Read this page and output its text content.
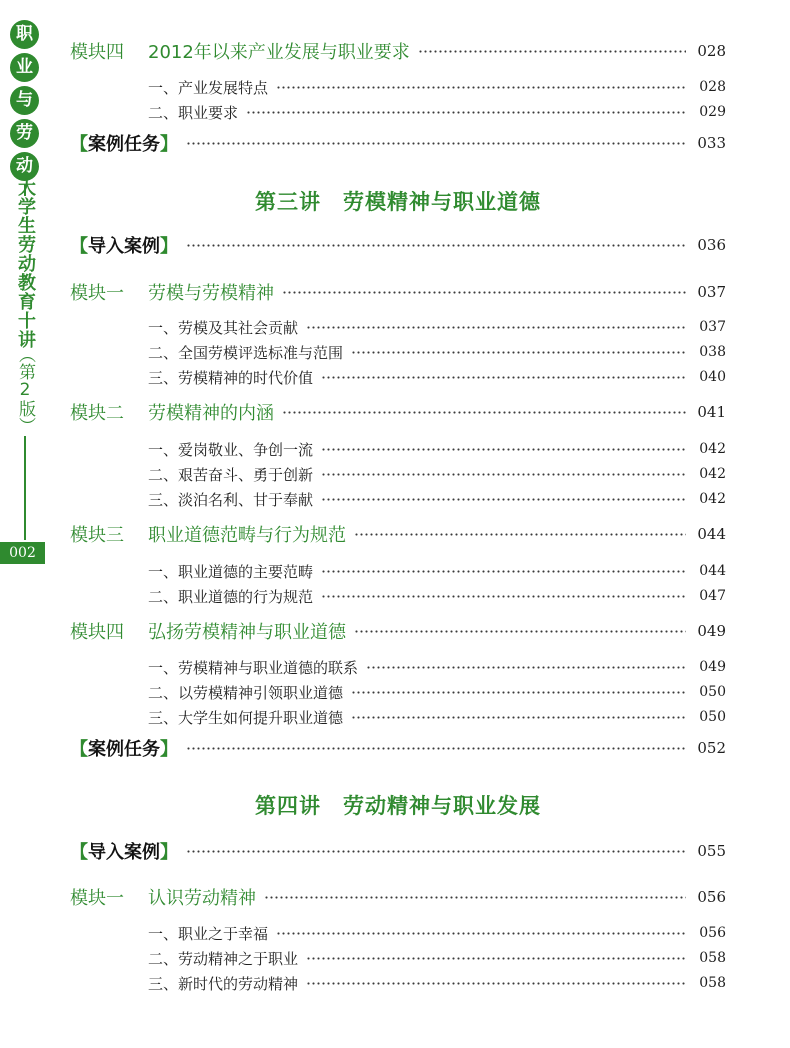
职
业
与
劳
动
大学生劳动教育十讲
（第2版）
002
模块四 2012年以来产业发展与职业要求	028
一、产业发展特点	028
二、职业要求	029
【案例任务】	033
第三讲 劳模精神与职业道德
【导入案例】	036
模块一 劳模与劳模精神	037
一、劳模及其社会贡献	037
二、全国劳模评选标准与范围	038
三、劳模精神的时代价值	040
模块二 劳模精神的内涵	041
一、爱岗敬业、争创一流	042
二、艰苦奋斗、勇于创新	042
三、淡泊名利、甘于奉献	042
模块三 职业道德范畴与行为规范	044
一、职业道德的主要范畴	044
二、职业道德的行为规范	047
模块四 弘扬劳模精神与职业道德	049
一、劳模精神与职业道德的联系	049
二、以劳模精神引领职业道德	050
三、大学生如何提升职业道德	050
【案例任务】	052
第四讲 劳动精神与职业发展
【导入案例】	055
模块一 认识劳动精神	056
一、职业之于幸福	056
二、劳动精神之于职业	058
三、新时代的劳动精神	058
